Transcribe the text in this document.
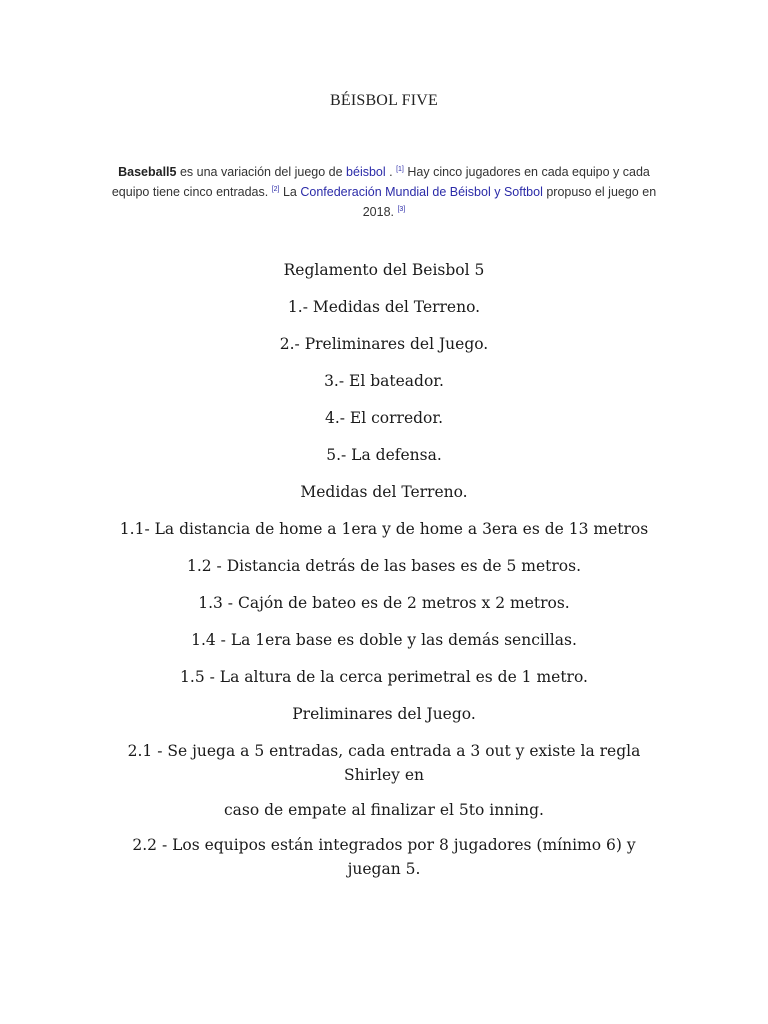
BÉISBOL FIVE
Baseball5 es una variación del juego de béisbol . [1] Hay cinco jugadores en cada equipo y cada equipo tiene cinco entradas. [2] La Confederación Mundial de Béisbol y Softbol propuso el juego en 2018. [3]

Reglamento del Beisbol 5

1.- Medidas del Terreno.

2.- Preliminares del Juego.

3.- El bateador.

4.- El corredor.

5.- La defensa.

Medidas del Terreno.

1.1- La distancia de home a 1era y de home a 3era es de 13 metros

1.2 - Distancia detrás de las bases es de 5 metros.

1.3 - Cajón de bateo es de 2 metros x 2 metros.

1.4 - La 1era base es doble y las demás sencillas.

1.5 - La altura de la cerca perimetral es de 1 metro.

Preliminares del Juego.

2.1 - Se juega a 5 entradas, cada entrada a 3 out y existe la regla Shirley en

caso de empate al finalizar el 5to inning.

2.2 - Los equipos están integrados por 8 jugadores (mínimo 6) y juegan 5.
